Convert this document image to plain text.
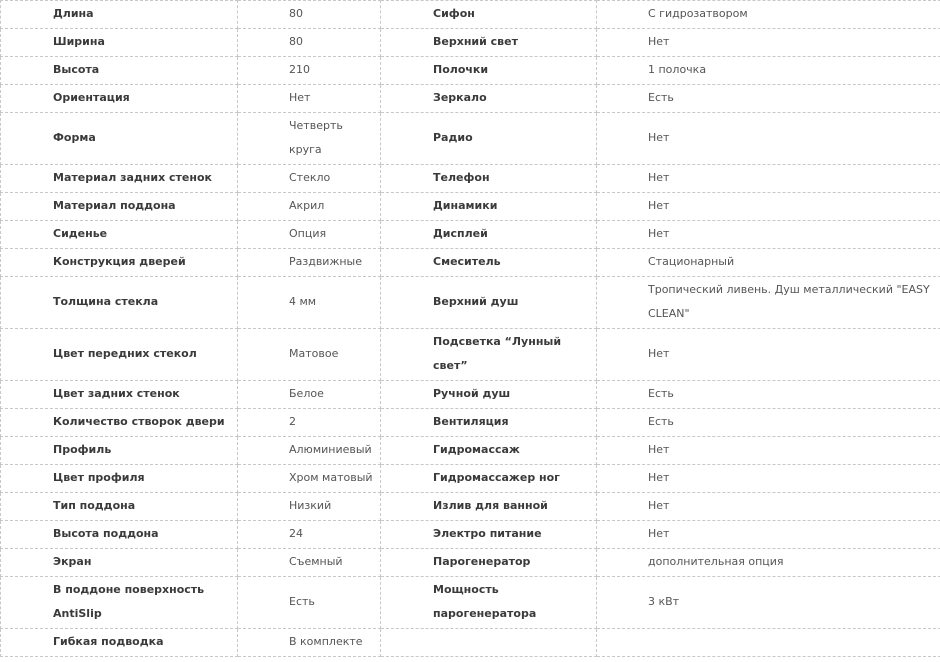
Длина	80	Сифон	С гидрозатвором
Ширина	80	Верхний свет	Нет
Высота	210	Полочки	1 полочка
Ориентация	Нет	Зеркало	Есть
Форма	Четверть круга	Радио	Нет
Материал задних стенок	Стекло	Телефон	Нет
Материал поддона	Акрил	Динамики	Нет
Сиденье	Опция	Дисплей	Нет
Конструкция дверей	Раздвижные	Смеситель	Стационарный
Толщина стекла	4 мм	Верхний душ	Тропический ливень. Душ металлический "EASY CLEAN"
Цвет передних стекол	Матовое	Подсветка “Лунный свет”	Нет
Цвет задних стенок	Белое	Ручной душ	Есть
Количество створок двери	2	Вентиляция	Есть
Профиль	Алюминиевый	Гидромассаж	Нет
Цвет профиля	Хром матовый	Гидромассажер ног	Нет
Тип поддона	Низкий	Излив для ванной	Нет
Высота поддона	24	Электро питание	Нет
Экран	Съемный	Парогенератор	дополнительная опция
В поддоне поверхность AntiSlip	Есть	Мощность парогенератора	3 кВт
Гибкая подводка	В комплекте		
